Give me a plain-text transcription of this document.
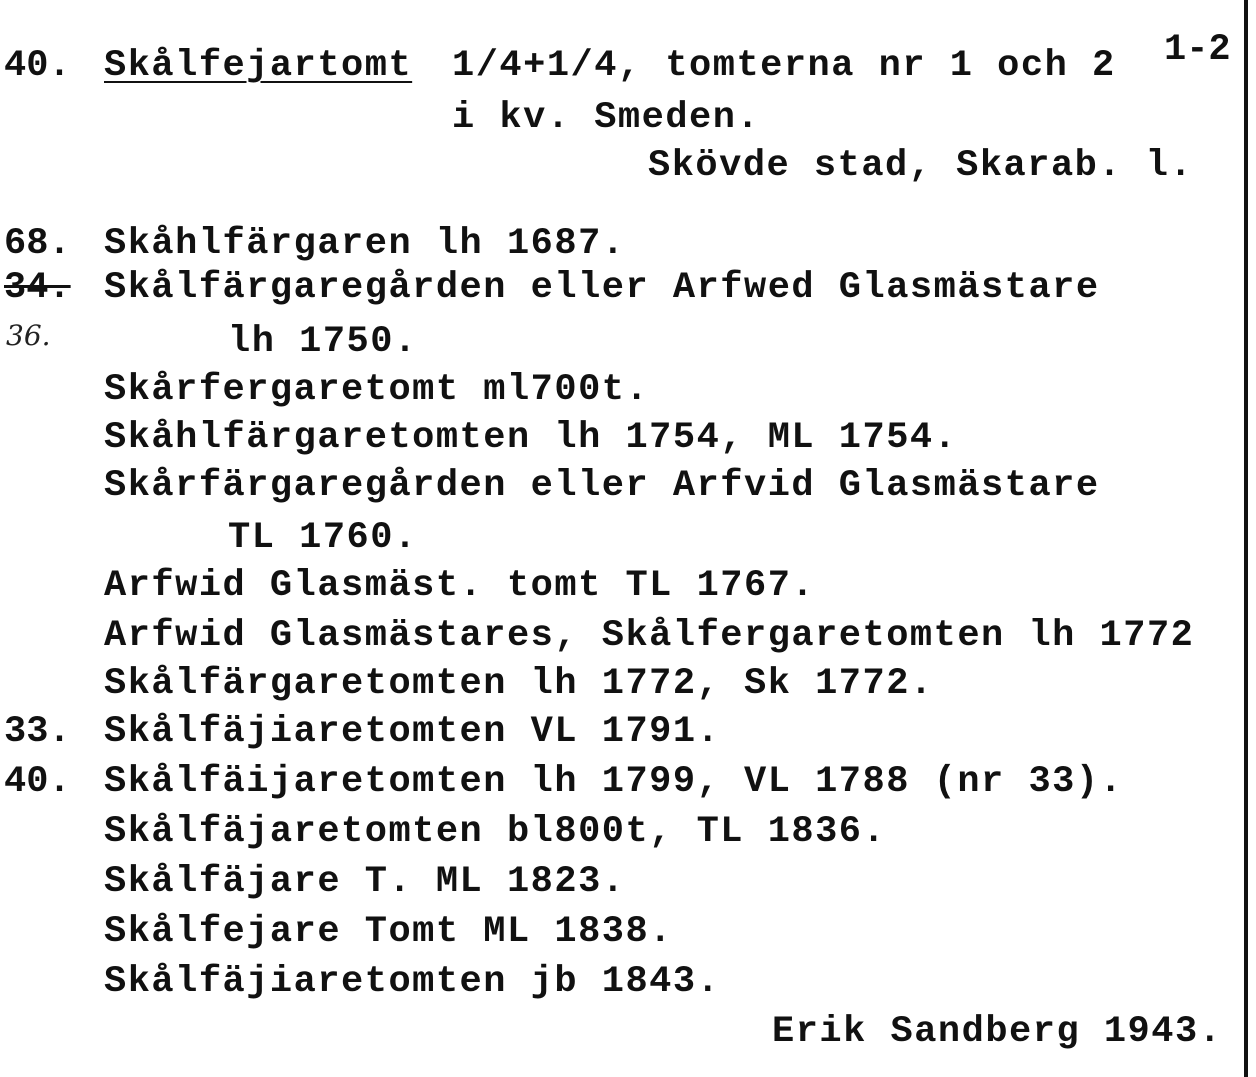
40. Skålfejartomt 1/4+1/4, tomterna nr 1 och 2 1-2
i kv. Smeden.
Skövde stad, Skarab. l.
68. Skåhlfärgaren lh 1687.
34. Skålfärgaregården eller Arfwed Glasmästare
36.	lh 1750.
Skårfergaretomt ml700t.
Skåhlfärgaretomten lh 1754, ML 1754.
Skårfärgaregården eller Arfvid Glasmästare
TL 1760.
Arfwid Glasmäst. tomt TL 1767.
Arfwid Glasmästares, Skålfergaretomten lh 1772
Skålfärgaretomten lh 1772, Sk 1772.
33. Skålfäjiaretomten VL 1791.
40. Skålfäijaretomten lh 1799, VL 1788 (nr 33).
Skålfäjaretomten bl800t, TL 1836.
Skålfäjare T. ML 1823.
Skålfejare Tomt ML 1838.
Skålfäjiaretomten jb 1843.
Erik Sandberg 1943.
